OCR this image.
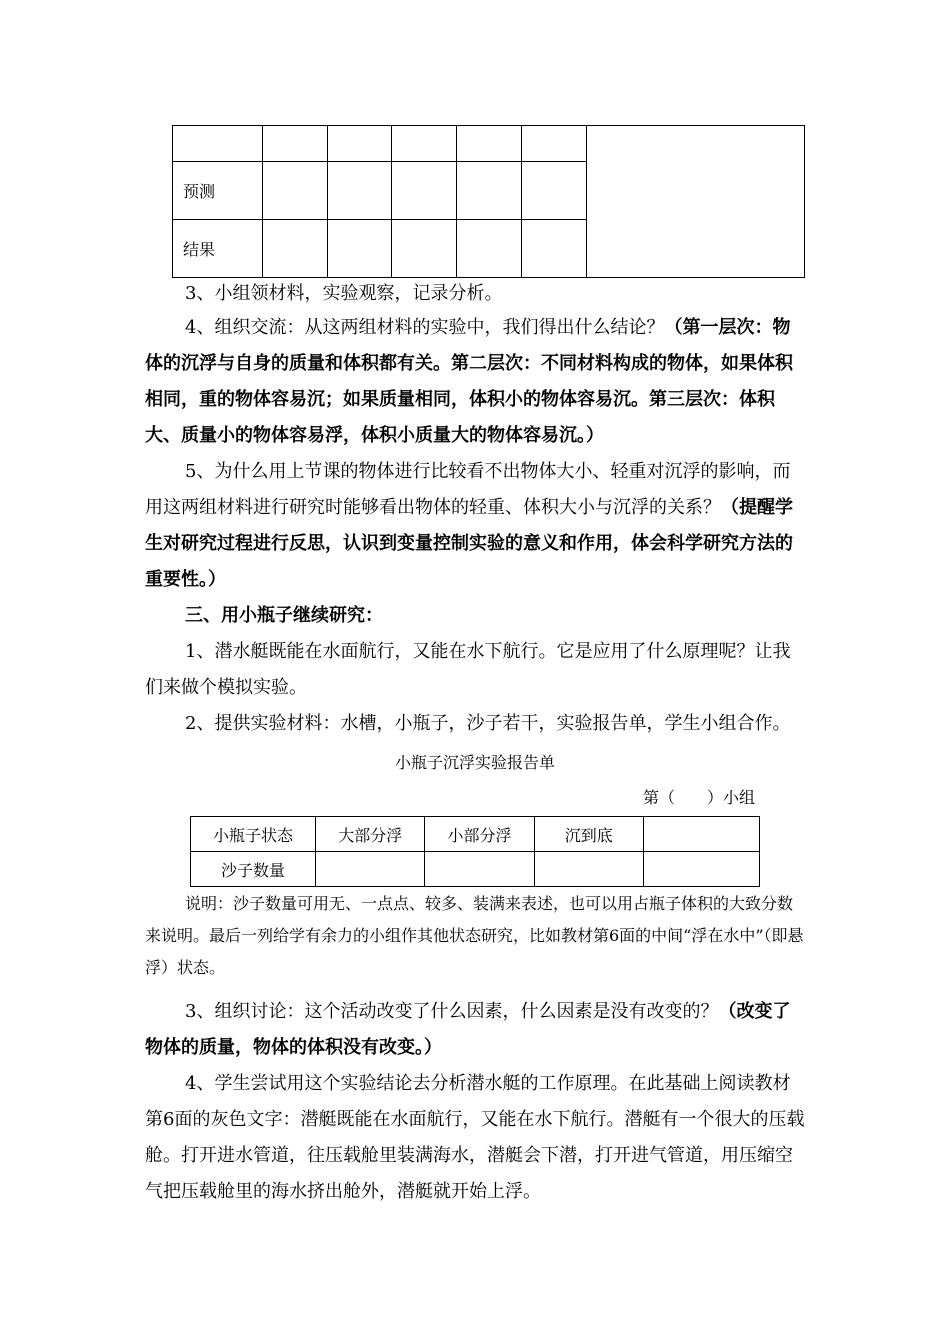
预测						
结果						

3、小组领材料，实验观察，记录分析。

4、组织交流：从这两组材料的实验中，我们得出什么结论？（第一层次：物体的沉浮与自身的质量和体积都有关。第二层次：不同材料构成的物体，如果体积相同，重的物体容易沉；如果质量相同，体积小的物体容易沉。第三层次：体积大、质量小的物体容易浮，体积小质量大的物体容易沉。）

5、为什么用上节课的物体进行比较看不出物体大小、轻重对沉浮的影响，而用这两组材料进行研究时能够看出物体的轻重、体积大小与沉浮的关系？（提醒学生对研究过程进行反思，认识到变量控制实验的意义和作用，体会科学研究方法的重要性。）

三、用小瓶子继续研究：

1、潜水艇既能在水面航行，又能在水下航行。它是应用了什么原理呢？让我们来做个模拟实验。

2、提供实验材料：水槽，小瓶子，沙子若干，实验报告单，学生小组合作。

小瓶子沉浮实验报告单
第（　　）小组
小瓶子状态	大部分浮	小部分浮	沉到底	
沙子数量				

说明：沙子数量可用无、一点点、较多、装满来表述，也可以用占瓶子体积的大致分数来说明。最后一列给学有余力的小组作其他状态研究，比如教材第6面的中间“浮在水中”（即悬浮）状态。

3、组织讨论：这个活动改变了什么因素，什么因素是没有改变的？（改变了物体的质量，物体的体积没有改变。）

4、学生尝试用这个实验结论去分析潜水艇的工作原理。在此基础上阅读教材第6面的灰色文字：潜艇既能在水面航行，又能在水下航行。潜艇有一个很大的压载舱。打开进水管道，往压载舱里装满海水，潜艇会下潜，打开进气管道，用压缩空气把压载舱里的海水挤出舱外，潜艇就开始上浮。
